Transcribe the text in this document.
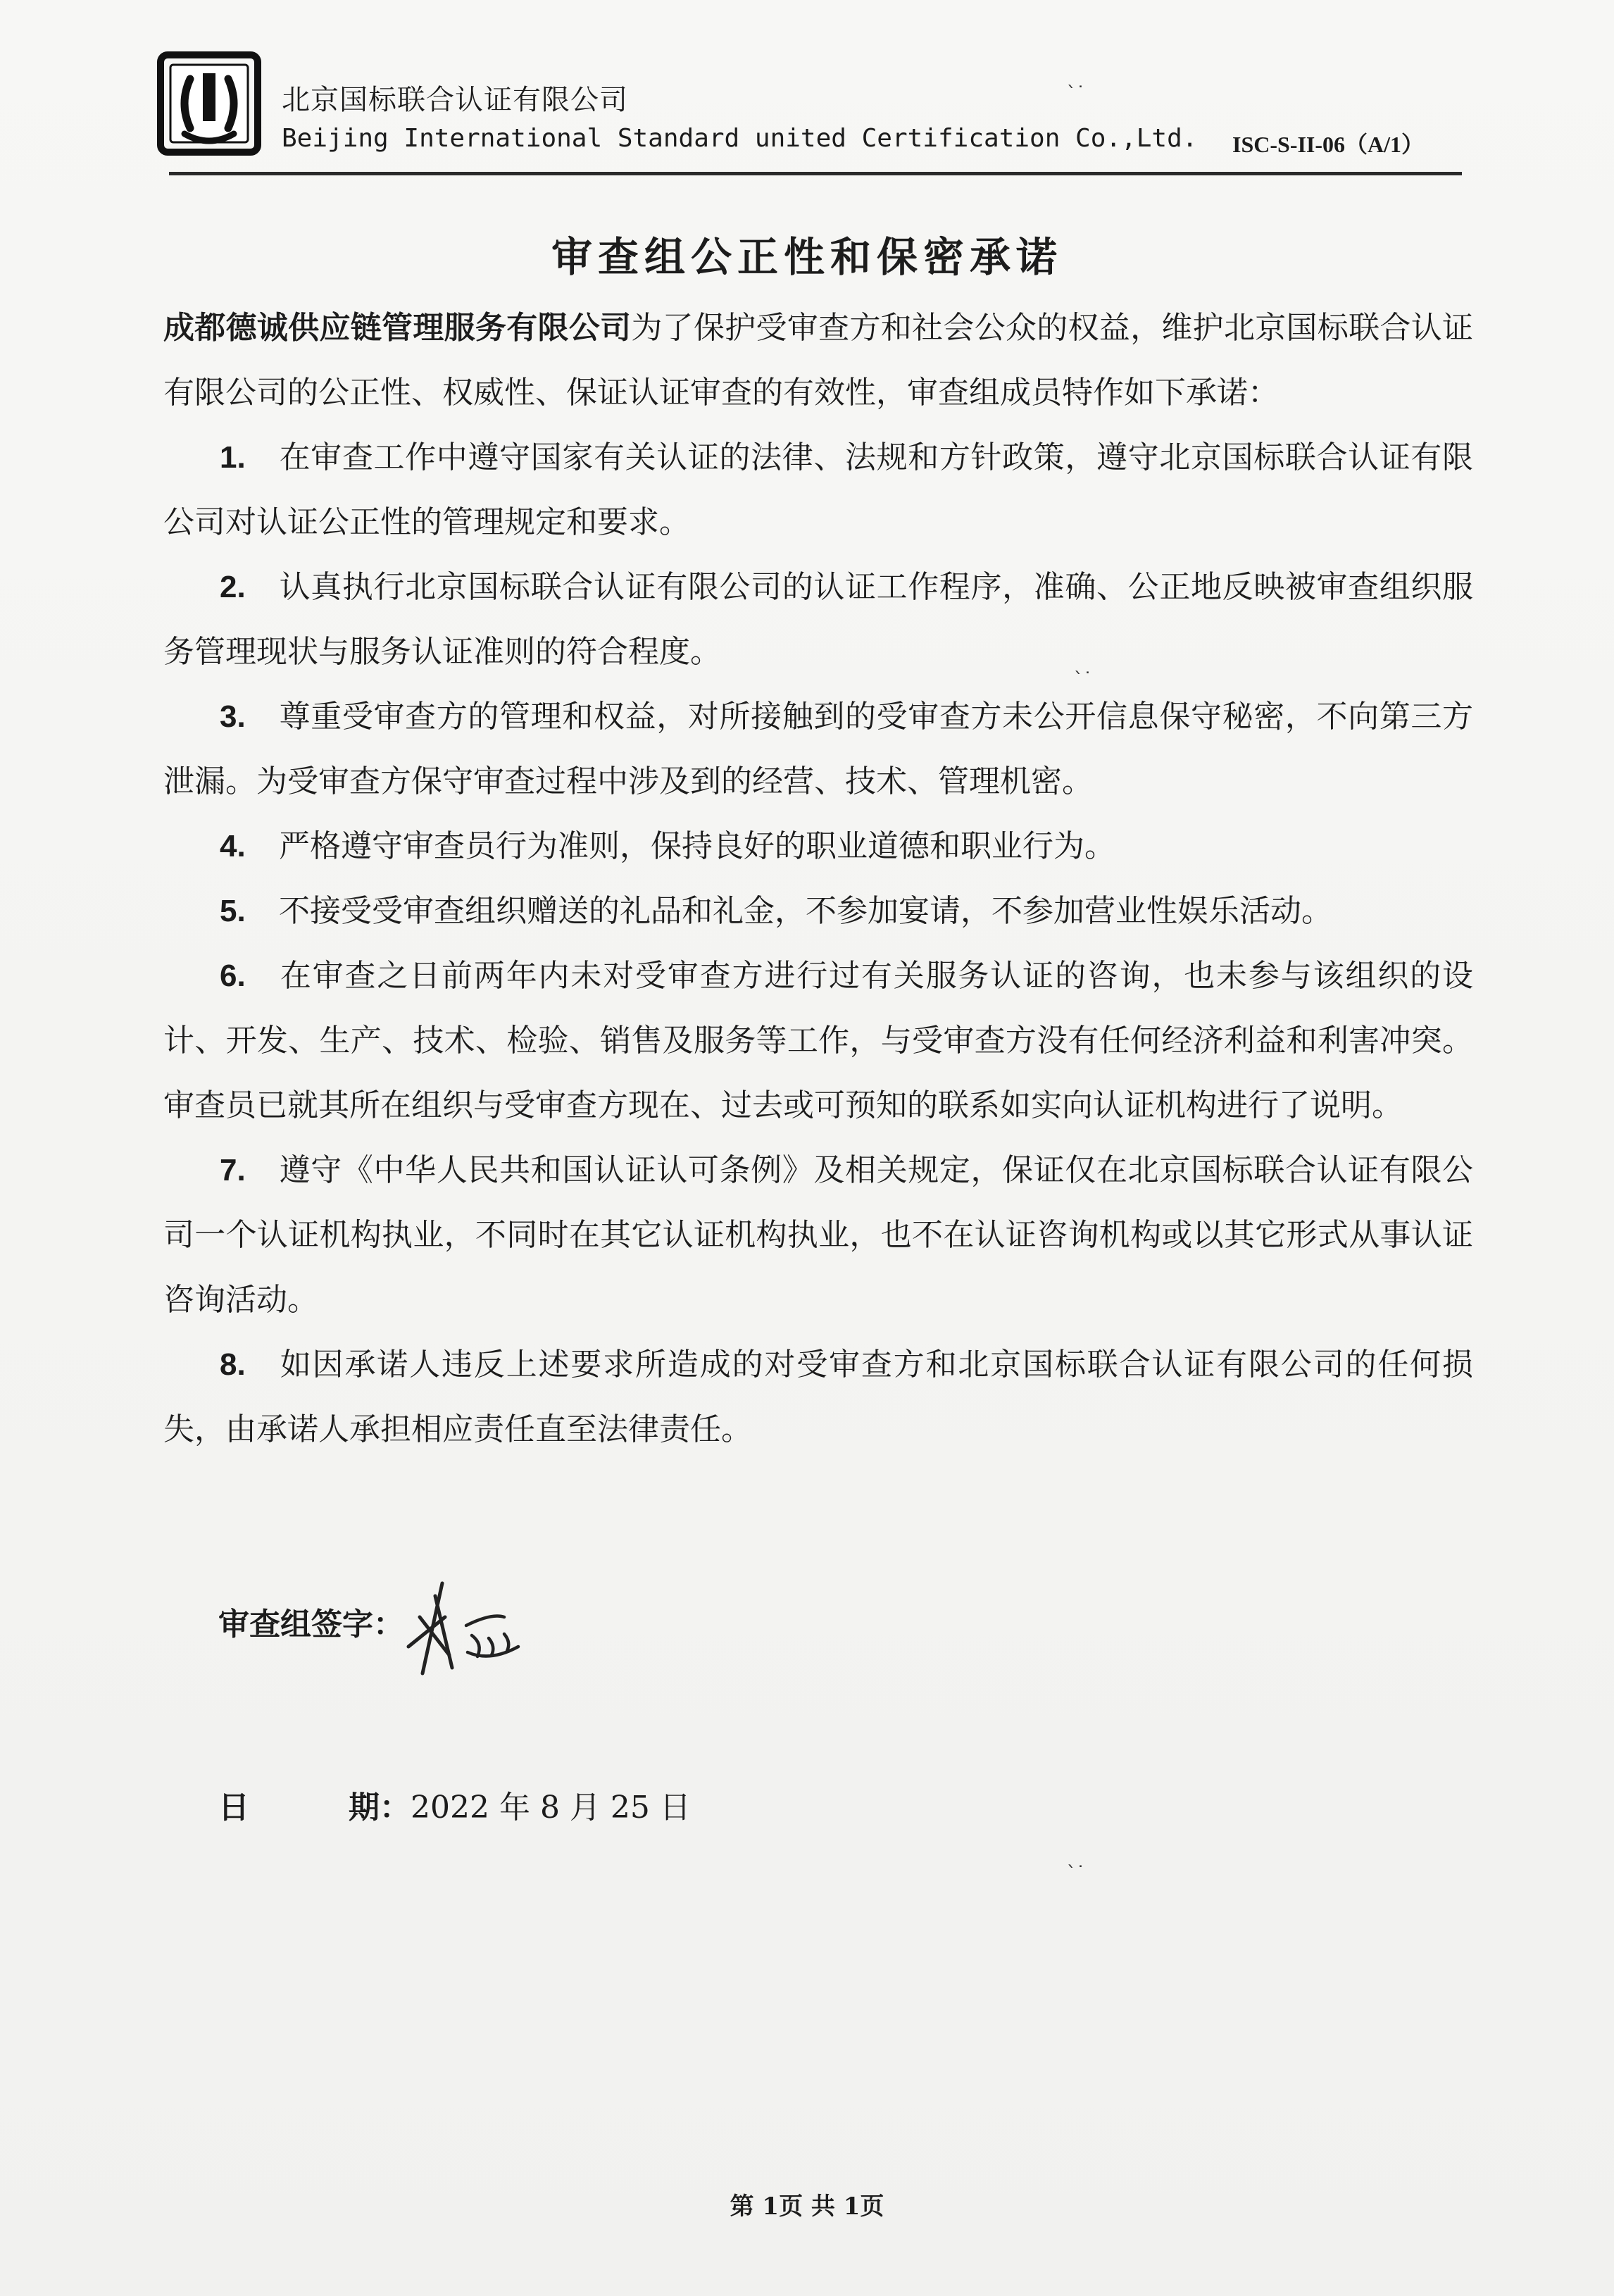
北京国标联合认证有限公司
Beijing International Standard united Certification Co.,Ltd. ISC-S-II-06（A/1）
ˋ˙
审查组公正性和保密承诺

成都德诚供应链管理服务有限公司为了保护受审查方和社会公众的权益，维护北京国标联合认证有限公司的公正性、权威性、保证认证审查的有效性，审查组成员特作如下承诺：

1. 在审查工作中遵守国家有关认证的法律、法规和方针政策，遵守北京国标联合认证有限公司对认证公正性的管理规定和要求。

2. 认真执行北京国标联合认证有限公司的认证工作程序，准确、公正地反映被审查组织服务管理现状与服务认证准则的符合程度。

3. 尊重受审查方的管理和权益，对所接触到的受审查方未公开信息保守秘密，不向第三方泄漏。为受审查方保守审查过程中涉及到的经营、技术、管理机密。

4. 严格遵守审查员行为准则，保持良好的职业道德和职业行为。

5. 不接受受审查组织赠送的礼品和礼金，不参加宴请，不参加营业性娱乐活动。

6. 在审查之日前两年内未对受审查方进行过有关服务认证的咨询，也未参与该组织的设计、开发、生产、技术、检验、销售及服务等工作，与受审查方没有任何经济利益和利害冲突。审查员已就其所在组织与受审查方现在、过去或可预知的联系如实向认证机构进行了说明。

7. 遵守《中华人民共和国认证认可条例》及相关规定，保证仅在北京国标联合认证有限公司一个认证机构执业，不同时在其它认证机构执业，也不在认证咨询机构或以其它形式从事认证咨询活动。

8. 如因承诺人违反上述要求所造成的对受审查方和北京国标联合认证有限公司的任何损失，由承诺人承担相应责任直至法律责任。

审查组签字：
日	期：2022 年 8 月 25 日
ˋ˙
ˋ˙
第 1页 共 1页
